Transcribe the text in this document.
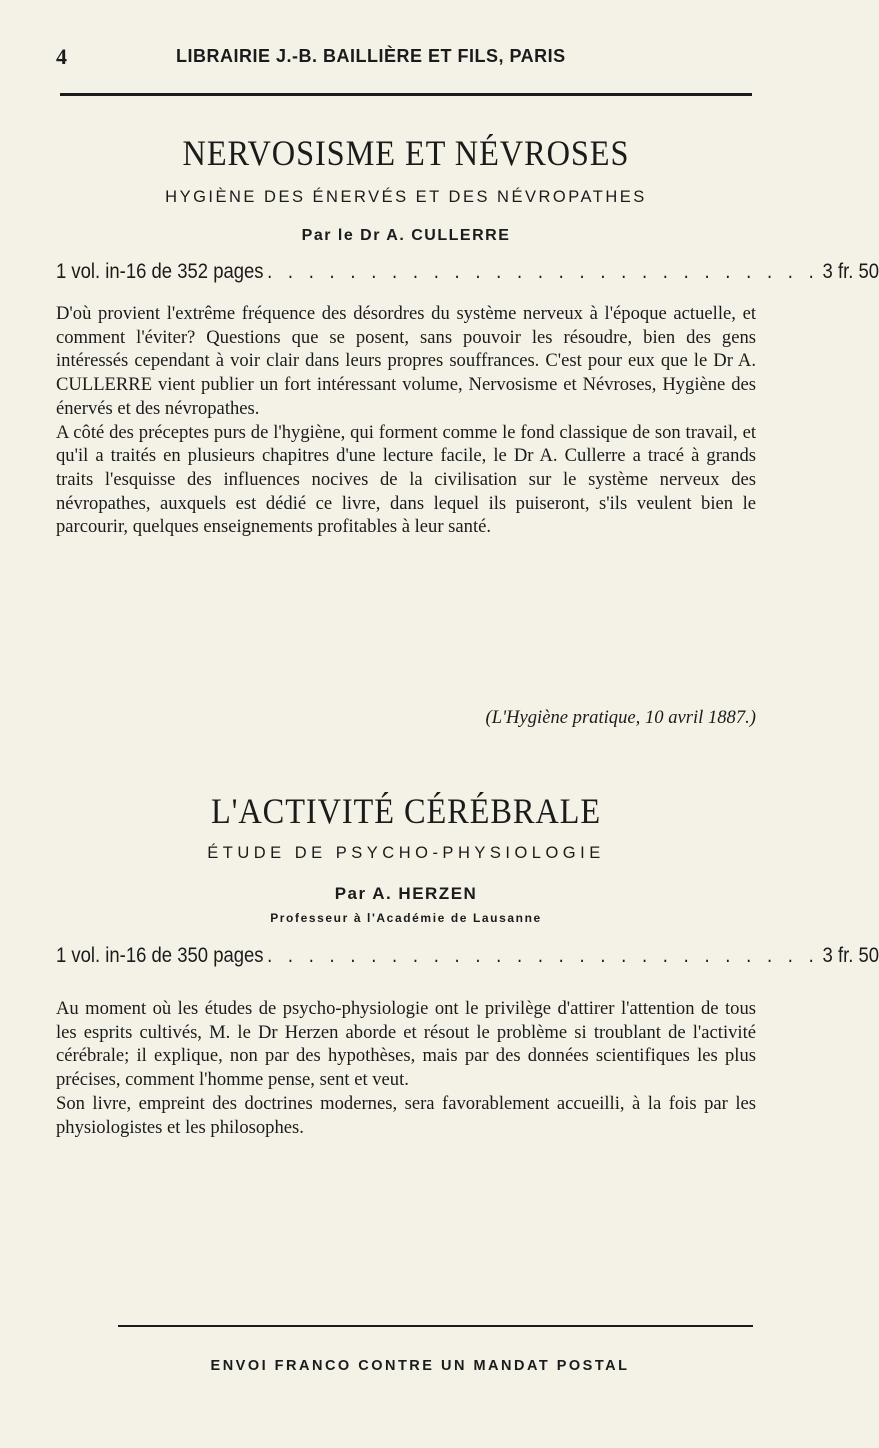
4	LIBRAIRIE J.-B. BAILLIÈRE ET FILS, PARIS
NERVOSISME ET NÉVROSES
HYGIÈNE DES ÉNERVÉS ET DES NÉVROPATHES
Par le Dr A. CULLERRE
1 vol. in-16 de 352 pages . . . . . . . . . . . . . . . . . . . . . . . . . . . 3 fr. 50

D'où provient l'extrême fréquence des désordres du système nerveux à l'époque actuelle, et comment l'éviter? Questions que se posent, sans pouvoir les résoudre, bien des gens intéressés cependant à voir clair dans leurs propres souffrances. C'est pour eux que le Dr A. CULLERRE vient publier un fort intéressant volume, Nervosisme et Névroses, Hygiène des énervés et des névropathes.

A côté des préceptes purs de l'hygiène, qui forment comme le fond classique de son travail, et qu'il a traités en plusieurs chapitres d'une lecture facile, le Dr A. Cullerre a tracé à grands traits l'esquisse des influences nocives de la civilisation sur le système nerveux des névropathes, auxquels est dédié ce livre, dans lequel ils puiseront, s'ils veulent bien le parcourir, quelques enseignements profitables à leur santé.

(L'Hygiène pratique, 10 avril 1887.)
L'ACTIVITÉ CÉRÉBRALE
ÉTUDE DE PSYCHO-PHYSIOLOGIE
Par A. HERZEN
Professeur à l'Académie de Lausanne
1 vol. in-16 de 350 pages . . . . . . . . . . . . . . . . . . . . . . . . . . . 3 fr. 50

Au moment où les études de psycho-physiologie ont le privilège d'attirer l'attention de tous les esprits cultivés, M. le Dr Herzen aborde et résout le problème si troublant de l'activité cérébrale; il explique, non par des hypothèses, mais par des données scientifiques les plus précises, comment l'homme pense, sent et veut.

Son livre, empreint des doctrines modernes, sera favorablement accueilli, à la fois par les physiologistes et les philosophes.

ENVOI FRANCO CONTRE UN MANDAT POSTAL
